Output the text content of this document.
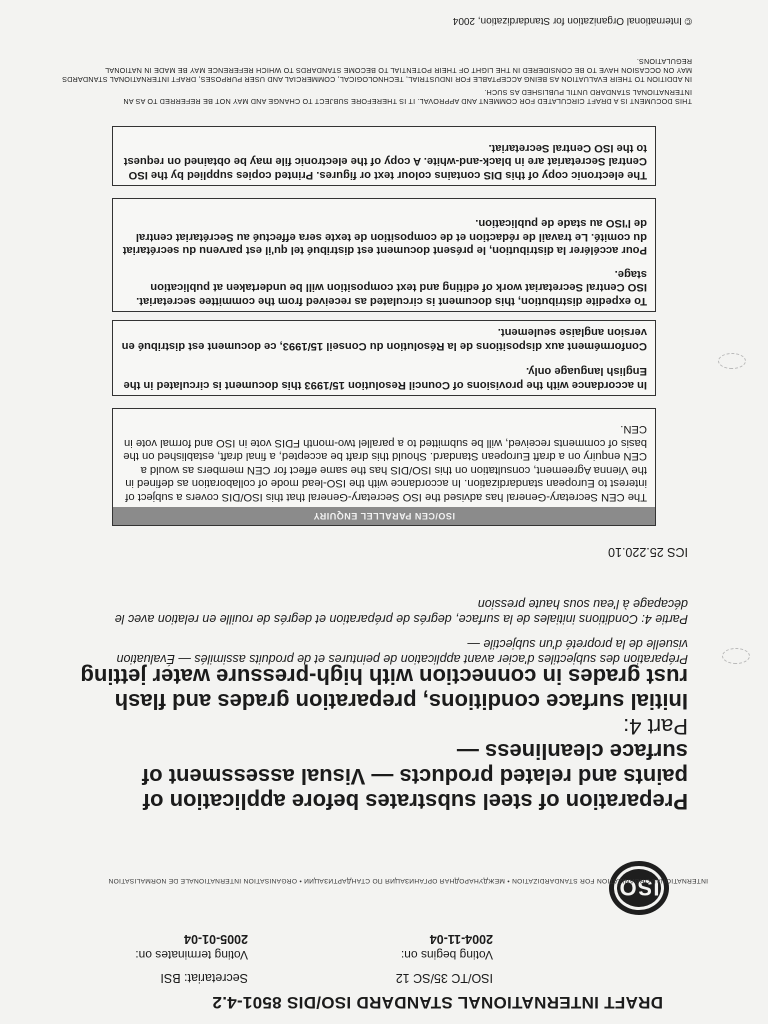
DRAFT INTERNATIONAL STANDARD ISO/DIS 8501-4.2
ISO
ISO/TC 35/SC 12
Secretariat: BSI
Voting begins on:
2004-11-04
Voting terminates on:
2005-01-04
INTERNATIONAL ORGANIZATION FOR STANDARDIZATION • МЕЖДУНАРОДНАЯ ОРГАНИЗАЦИЯ ПО СТАНДАРТИЗАЦИИ • ORGANISATION INTERNATIONALE DE NORMALISATION
Preparation of steel substrates before application of paints and related products — Visual assessment of surface cleanliness —
Part 4:
Initial surface conditions, preparation grades and flash rust grades in connection with high-pressure water jetting

Préparation des subjectiles d'acier avant application de peintures et de produits assimilés — Évaluation visuelle de la propreté d'un subjectile —

Partie 4: Conditions initiales de la surface, degrés de préparation et degrés de rouille en relation avec le décapage à l'eau sous haute pression

ICS 25.220.10
ISO/CEN PARALLEL ENQUIRY

The CEN Secretary-General has advised the ISO Secretary-General that this ISO/DIS covers a subject of interest to European standardization. In accordance with the ISO-lead mode of collaboration as defined in the Vienna Agreement, consultation on this ISO/DIS has the same effect for CEN members as would a CEN enquiry on a draft European Standard. Should this draft be accepted, a final draft, established on the basis of comments received, will be submitted to a parallel two-month FDIS vote in ISO and formal vote in CEN.

In accordance with the provisions of Council Resolution 15/1993 this document is circulated in the English language only.

Conformément aux dispositions de la Résolution du Conseil 15/1993, ce document est distribué en version anglaise seulement.

To expedite distribution, this document is circulated as received from the committee secretariat. ISO Central Secretariat work of editing and text composition will be undertaken at publication stage.

Pour accélérer la distribution, le présent document est distribué tel qu'il est parvenu du secrétariat du comité. Le travail de rédaction et de composition de texte sera effectué au Secrétariat central de l'ISO au stade de publication.

The electronic copy of this DIS contains colour text or figures. Printed copies supplied by the ISO Central Secretariat are in black-and-white. A copy of the electronic file may be obtained on request to the ISO Central Secretariat.

THIS DOCUMENT IS A DRAFT CIRCULATED FOR COMMENT AND APPROVAL. IT IS THEREFORE SUBJECT TO CHANGE AND MAY NOT BE REFERRED TO AS AN INTERNATIONAL STANDARD UNTIL PUBLISHED AS SUCH.

IN ADDITION TO THEIR EVALUATION AS BEING ACCEPTABLE FOR INDUSTRIAL, TECHNOLOGICAL, COMMERCIAL AND USER PURPOSES, DRAFT INTERNATIONAL STANDARDS MAY ON OCCASION HAVE TO BE CONSIDERED IN THE LIGHT OF THEIR POTENTIAL TO BECOME STANDARDS TO WHICH REFERENCE MAY BE MADE IN NATIONAL REGULATIONS.

© International Organization for Standardization, 2004
